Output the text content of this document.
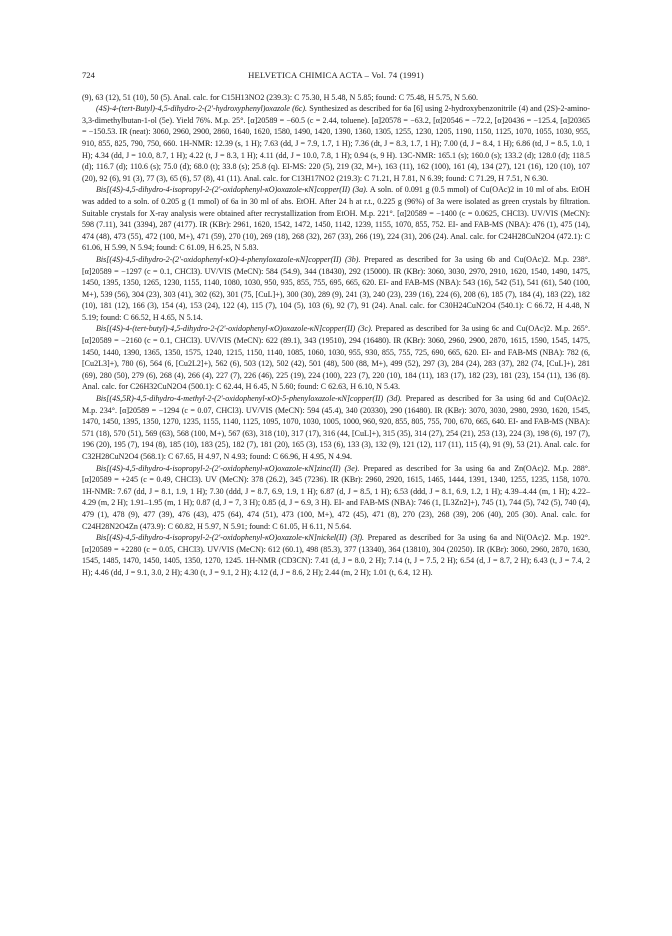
724	HELVETICA CHIMICA ACTA – Vol. 74 (1991)

(9), 63 (12), 51 (10), 50 (5). Anal. calc. for C15H13NO2 (239.3): C 75.30, H 5.48, N 5.85; found: C 75.48, H 5.75, N 5.60.

(4S)-4-(tert-Butyl)-4,5-dihydro-2-(2'-hydroxyphenyl)oxazole (6c). Synthesized as described for 6a [6] using 2-hydroxybenzonitrile (4) and (2S)-2-amino-3,3-dimethylbutan-1-ol (5e). Yield 76%. M.p. 25°. [α]20589 = −60.5 (c = 2.44, toluene). [α]20578 = −63.2, [α]20546 = −72.2, [α]20436 = −125.4, [α]20365 = −150.53. IR (neat): 3060, 2960, 2900, 2860, 1640, 1620, 1580, 1490, 1420, 1390, 1360, 1305, 1255, 1230, 1205, 1190, 1150, 1125, 1070, 1055, 1030, 955, 910, 855, 825, 790, 750, 660. 1H-NMR: 12.39 (s, 1 H); 7.63 (dd, J = 7.9, 1.7, 1 H); 7.36 (dt, J = 8.3, 1.7, 1 H); 7.00 (d, J = 8.4, 1 H); 6.86 (td, J = 8.5, 1.0, 1 H); 4.34 (dd, J = 10.0, 8.7, 1 H); 4.22 (t, J = 8.3, 1 H); 4.11 (dd, J = 10.0, 7.8, 1 H); 0.94 (s, 9 H). 13C-NMR: 165.1 (s); 160.0 (s); 133.2 (d); 128.0 (d); 118.5 (d); 116.7 (d); 110.6 (s); 75.0 (d); 68.0 (t); 33.8 (s); 25.8 (q). EI-MS: 220 (5), 219 (32, M+), 163 (11), 162 (100), 161 (4), 134 (27), 121 (16), 120 (10), 107 (20), 92 (6), 91 (3), 77 (3), 65 (6), 57 (8), 41 (11). Anal. calc. for C13H17NO2 (219.3): C 71.21, H 7.81, N 6.39; found: C 71.29, H 7.51, N 6.30.

Bis[(4S)-4,5-dihydro-4-isopropyl-2-(2'-oxidophenyl-κO)oxazole-κN]copper(II) (3a). A soln. of 0.091 g (0.5 mmol) of Cu(OAc)2 in 10 ml of abs. EtOH was added to a soln. of 0.205 g (1 mmol) of 6a in 30 ml of abs. EtOH. After 24 h at r.t., 0.225 g (96%) of 3a were isolated as green crystals by filtration. Suitable crystals for X-ray analysis were obtained after recrystallization from EtOH. M.p. 221°. [α]20589 = −1400 (c = 0.0625, CHCl3). UV/VIS (MeCN): 598 (7.11), 341 (3394), 287 (4177). IR (KBr): 2961, 1620, 1542, 1472, 1450, 1142, 1239, 1155, 1070, 855, 752. EI- and FAB-MS (NBA): 476 (1), 475 (14), 474 (48), 473 (55), 472 (100, M+), 471 (59), 270 (10), 269 (18), 268 (32), 267 (33), 266 (19), 224 (31), 206 (24). Anal. calc. for C24H28CuN2O4 (472.1): C 61.06, H 5.99, N 5.94; found: C 61.09, H 6.25, N 5.83.

Bis[(4S)-4,5-dihydro-2-(2'-oxidophenyl-κO)-4-phenyloxazole-κN]copper(II) (3b). Prepared as described for 3a using 6b and Cu(OAc)2. M.p. 238°. [α]20589 = −1297 (c = 0.1, CHCl3). UV/VIS (MeCN): 584 (54.9), 344 (18430), 292 (15000). IR (KBr): 3060, 3030, 2970, 2910, 1620, 1540, 1490, 1475, 1450, 1395, 1350, 1265, 1230, 1155, 1140, 1080, 1030, 950, 935, 855, 755, 695, 665, 620. EI- and FAB-MS (NBA): 543 (16), 542 (51), 541 (61), 540 (100, M+), 539 (56), 304 (23), 303 (41), 302 (62), 301 (75, [CuL]+), 300 (30), 289 (9), 241 (3), 240 (23), 239 (16), 224 (6), 208 (6), 185 (7), 184 (4), 183 (22), 182 (10), 181 (12), 166 (3), 154 (4), 153 (24), 122 (4), 115 (7), 104 (5), 103 (6), 92 (7), 91 (24). Anal. calc. for C30H24CuN2O4 (540.1): C 66.72, H 4.48, N 5.19; found: C 66.52, H 4.65, N 5.14.

Bis[(4S)-4-(tert-butyl)-4,5-dihydro-2-(2'-oxidophenyl-κO)oxazole-κN]copper(II) (3c). Prepared as described for 3a using 6c and Cu(OAc)2. M.p. 265°. [α]20589 = −2160 (c = 0.1, CHCl3). UV/VIS (MeCN): 622 (89.1), 343 (19510), 294 (16480). IR (KBr): 3060, 2960, 2900, 2870, 1615, 1590, 1545, 1475, 1450, 1440, 1390, 1365, 1350, 1575, 1240, 1215, 1150, 1140, 1085, 1060, 1030, 955, 930, 855, 755, 725, 690, 665, 620. EI- and FAB-MS (NBA): 782 (6, [Cu2L3]+), 780 (6), 564 (6, [Cu2L2]+), 562 (6), 503 (12), 502 (42), 501 (48), 500 (88, M+), 499 (52), 297 (3), 284 (24), 283 (37), 282 (74, [CuL]+), 281 (69), 280 (50), 279 (6), 268 (4), 266 (4), 227 (7), 226 (46), 225 (19), 224 (100), 223 (7), 220 (10), 184 (11), 183 (17), 182 (23), 181 (23), 154 (11), 136 (8). Anal. calc. for C26H32CuN2O4 (500.1): C 62.44, H 6.45, N 5.60; found: C 62.63, H 6.10, N 5.43.

Bis[(4S,5R)-4,5-dihydro-4-methyl-2-(2'-oxidophenyl-κO)-5-phenyloxazole-κN]copper(II) (3d). Prepared as described for 3a using 6d and Cu(OAc)2. M.p. 234°. [α]20589 = −1294 (c = 0.07, CHCl3). UV/VIS (MeCN): 594 (45.4), 340 (20330), 290 (16480). IR (KBr): 3070, 3030, 2980, 2930, 1620, 1545, 1470, 1450, 1395, 1350, 1270, 1235, 1155, 1140, 1125, 1095, 1070, 1030, 1005, 1000, 960, 920, 855, 805, 755, 700, 670, 665, 640. EI- and FAB-MS (NBA): 571 (18), 570 (51), 569 (63), 568 (100, M+), 567 (63), 318 (10), 317 (17), 316 (44, [CuL]+), 315 (35), 314 (27), 254 (21), 253 (13), 224 (3), 198 (6), 197 (7), 196 (20), 195 (7), 194 (8), 185 (10), 183 (25), 182 (7), 181 (20), 165 (3), 153 (6), 133 (3), 132 (9), 121 (12), 117 (11), 115 (4), 91 (9), 53 (21). Anal. calc. for C32H28CuN2O4 (568.1): C 67.65, H 4.97, N 4.93; found: C 66.96, H 4.95, N 4.94.

Bis[(4S)-4,5-dihydro-4-isopropyl-2-(2'-oxidophenyl-κO)oxazole-κN]zinc(II) (3e). Prepared as described for 3a using 6a and Zn(OAc)2. M.p. 288°. [α]20589 = +245 (c = 0.49, CHCl3). UV (MeCN): 378 (26.2), 345 (7236). IR (KBr): 2960, 2920, 1615, 1465, 1444, 1391, 1340, 1255, 1235, 1158, 1070. 1H-NMR: 7.67 (dd, J = 8.1, 1.9, 1 H); 7.30 (ddd, J = 8.7, 6.9, 1.9, 1 H); 6.87 (d, J = 8.5, 1 H); 6.53 (ddd, J = 8.1, 6.9, 1.2, 1 H); 4.39–4.44 (m, 1 H); 4.22–4.29 (m, 2 H); 1.91–1.95 (m, 1 H); 0.87 (d, J = 7, 3 H); 0.85 (d, J = 6.9, 3 H). EI- and FAB-MS (NBA): 746 (1, [L3Zn2]+), 745 (1), 744 (5), 742 (5), 740 (4), 479 (1), 478 (9), 477 (39), 476 (43), 475 (64), 474 (51), 473 (100, M+), 472 (45), 471 (8), 270 (23), 268 (39), 206 (40), 205 (30). Anal. calc. for C24H28N2O4Zn (473.9): C 60.82, H 5.97, N 5.91; found: C 61.05, H 6.11, N 5.64.

Bis[(4S)-4,5-dihydro-4-isopropyl-2-(2'-oxidophenyl-κO)oxazole-κN]nickel(II) (3f). Prepared as described for 3a using 6a and Ni(OAc)2. M.p. 192°. [α]20589 = +2280 (c = 0.05, CHCl3). UV/VIS (MeCN): 612 (60.1), 498 (85.3), 377 (13340), 364 (13810), 304 (20250). IR (KBr): 3060, 2960, 2870, 1630, 1545, 1485, 1470, 1450, 1405, 1350, 1270, 1245. 1H-NMR (CD3CN): 7.41 (d, J = 8.0, 2 H); 7.14 (t, J = 7.5, 2 H); 6.54 (d, J = 8.7, 2 H); 6.43 (t, J = 7.4, 2 H); 4.46 (dd, J = 9.1, 3.0, 2 H); 4.30 (t, J = 9.1, 2 H); 4.12 (d, J = 8.6, 2 H); 2.44 (m, 2 H); 1.01 (t, 6.4, 12 H).
